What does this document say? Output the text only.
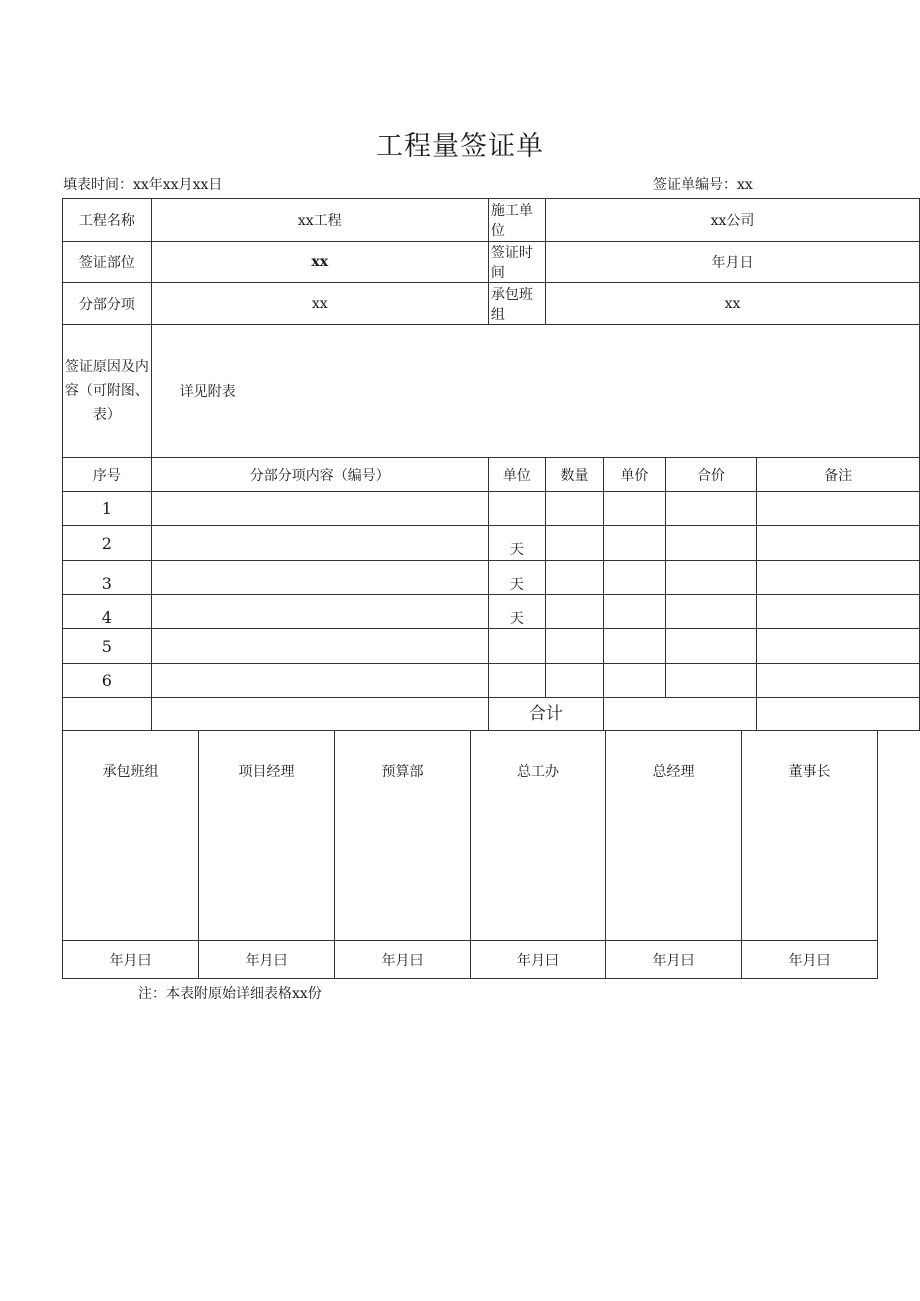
工程量签证单
填表时间：xx年xx月xx日	签证单编号：xx
工程名称	xx工程	施工单位	xx公司			
签证部位	xx	签证时间	年月日			
分部分项	xx	承包班组	xx			
签证原因及内容（可附图、表）	详见附表					
序号	分部分项内容（编号）	单位	数量	单价	合价	备注
1						
2		天				
3		天				
4		天				
5						
6						
		合计				
承包班组	项目经理	预算部	总工办	总经理	董事长
年月曰	年月曰	年月曰	年月曰	年月曰	年月曰
注：本表附原始详细表格xx份
